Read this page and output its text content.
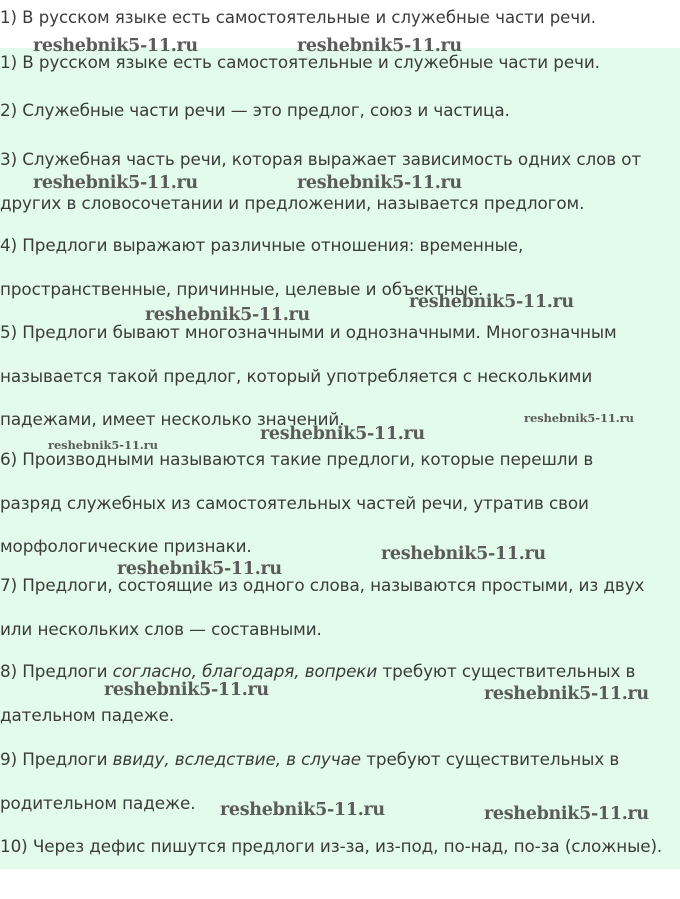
1) В русском языке есть самостоятельные и служебные части речи.
1) В русском языке есть самостоятельные и служебные части речи.
2) Служебные части речи — это предлог, союз и частица.
3) Служебная часть речи, которая выражает зависимость одних слов от
других в словосочетании и предложении, называется предлогом.
4) Предлоги выражают различные отношения: временные,
пространственные, причинные, целевые и объектные.
5) Предлоги бывают многозначными и однозначными. Многозначным
называется такой предлог, который употребляется с несколькими
падежами, имеет несколько значений.
6) Производными называются такие предлоги, которые перешли в
разряд служебных из самостоятельных частей речи, утратив свои
морфологические признаки.
7) Предлоги, состоящие из одного слова, называются простыми, из двух
или нескольких слов — составными.
8) Предлоги согласно, благодаря, вопреки требуют существительных в
дательном падеже.
9) Предлоги ввиду, вследствие, в случае требуют существительных в
родительном падеже.
10) Через дефис пишутся предлоги из-за, из-под, по-над, по-за (сложные).
reshebnik5-11.ru	reshebnik5-11.ru
reshebnik5-11.ru	reshebnik5-11.ru
reshebnik5-11.ru
reshebnik5-11.ru
reshebnik5-11.ru
reshebnik5-11.ru
reshebnik5-11.ru
reshebnik5-11.ru
reshebnik5-11.ru
reshebnik5-11.ru	reshebnik5-11.ru
reshebnik5-11.ru	reshebnik5-11.ru
